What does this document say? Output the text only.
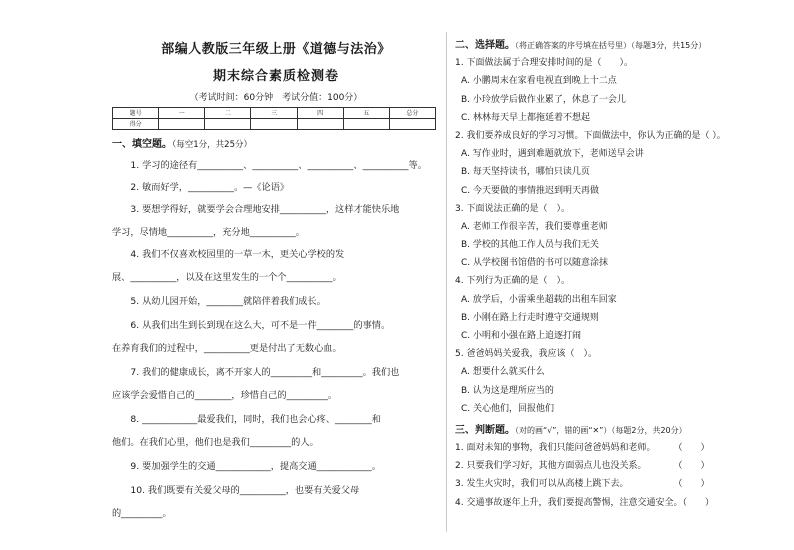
部编人教版三年级上册《道德与法治》
期末综合素质检测卷
（考试时间：60分钟　考试分值：100分）
题号	一	二	三	四	五	总分
得分						
一、填空题。（每空1分，共25分）
1. 学习的途径有__________、__________、__________、__________等。
2. 敏而好学，__________。—《论语》
3. 要想学得好，就要学会合理地安排__________，这样才能快乐地
学习，尽情地__________，充分地__________。
4. 我们不仅喜欢校园里的一草一木，更关心学校的发
展、__________，以及在这里发生的一个个__________。
5. 从幼儿园开始，________就陪伴着我们成长。
6. 从我们出生到长到现在这么大，可不是一件________的事情。
在养育我们的过程中，__________更是付出了无数心血。
7. 我们的健康成长，离不开家人的_________和_________。我们也
应该学会爱惜自己的________，珍惜自己的_________。
8. ____________最爱我们，同时，我们也会心疼、________和
他们。在我们心里，他们也是我们_________的人。
9. 要加强学生的交通____________，提高交通____________。
10. 我们既要有关爱父母的__________，也要有关爱父母
的_________。
二、选择题。（将正确答案的序号填在括号里）（每题3分，共15分）
1. 下面做法属于合理安排时间的是（　　）。
A. 小鹏周末在家看电视直到晚上十二点
B. 小玲放学后做作业累了，休息了一会儿
C. 林林每天早上都拖延着不想起
2. 我们要养成良好的学习习惯。下面做法中，你认为正确的是（ ）。
A. 写作业时，遇到难题就放下，老师送早会讲
B. 每天坚持读书，哪怕只读几页
C. 今天要做的事情推迟到明天再做
3. 下面说法正确的是（　）。
A. 老师工作很辛苦，我们要尊重老师
B. 学校的其他工作人员与我们无关
C. 从学校图书馆借的书可以随意涂抹
4. 下列行为正确的是（　）。
A. 放学后，小雷乘坐超载的出租车回家
B. 小刚在路上行走时遵守交通规则
C. 小明和小强在路上追逐打闹
5. 爸爸妈妈关爱我，我应该（　）。
A. 想要什么就买什么
B. 认为这是理所应当的
C. 关心他们，回报他们
三、判断题。（对的画“√”，错的画“✕”）（每题2分，共20分）
1. 面对未知的事物，我们只能问爸爸妈妈和老师。　　　（　　）
2. 只要我们学习好，其他方面弱点儿也没关系。　　　　（　　）
3. 发生火灾时，我们可以从高楼上跳下去。　　　　　　（　　）
4. 交通事故逐年上升，我们要提高警惕，注意交通安全。（　　）
